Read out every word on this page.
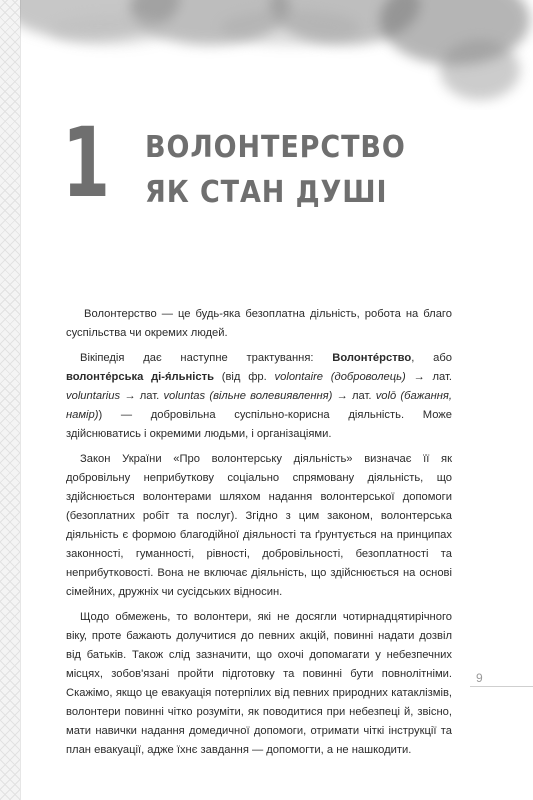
1 ВОЛОНТЕРСТВО
ЯК СТАН ДУШІ

Волонтерство — це будь-яка безоплатна дільність, робота на благо суспільства чи окремих людей.

Вікіпедія дає наступне трактування: Волонте́рство, або волонте́рська ді-я́льність (від фр. volontaire (доброволець) → лат. voluntarius → лат. voluntas (вільне волевиявлення) → лат. volō (бажання, намір)) — добровільна суспільно-корисна діяльність. Може здійснюватись і окремими людьми, і організаціями.

Закон України «Про волонтерську діяльність» визначає її як добровільну неприбуткову соціально спрямовану діяльність, що здійснюється волонтерами шляхом надання волонтерської допомоги (безоплатних робіт та послуг). Згідно з цим законом, волонтерська діяльність є формою благодійної діяльності та ґрунтується на принципах законності, гуманності, рівності, добровільності, безоплатності та неприбутковості. Вона не включає діяльність, що здійснюється на основі сімейних, дружніх чи сусідських відносин.

Щодо обмежень, то волонтери, які не досягли чотирнадцятирічного віку, проте бажають долучитися до певних акцій, повинні надати дозвіл від батьків. Також слід зазначити, що охочі допомагати у небезпечних місцях, зобов'язані пройти підготовку та повинні бути повнолітніми. Скажімо, якщо це евакуація потерпілих від певних природних катаклізмів, волонтери повинні чітко розуміти, як поводитися при небезпеці й, звісно, мати навички надання домедичної допомоги, отримати чіткі інструкції та план евакуації, адже їхнє завдання — допомогти, а не нашкодити.

9
